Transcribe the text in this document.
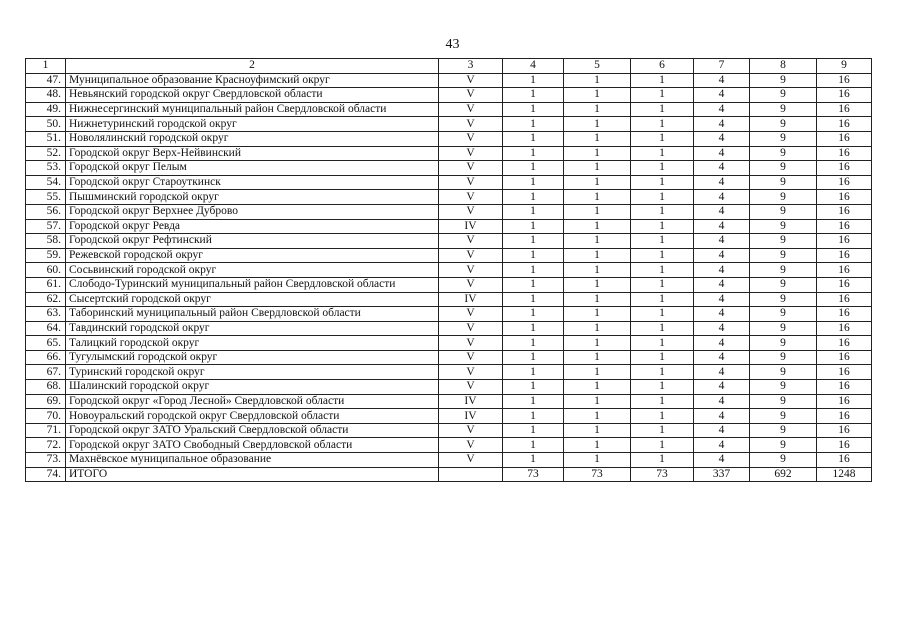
43
1	2	3	4	5	6	7	8	9
47.	Муниципальное образование Красноуфимский округ	V	1	1	1	4	9	16
48.	Невьянский городской округ Свердловской области	V	1	1	1	4	9	16
49.	Нижнесергинский муниципальный район Свердловской области	V	1	1	1	4	9	16
50.	Нижнетуринский городской округ	V	1	1	1	4	9	16
51.	Новолялинский городской округ	V	1	1	1	4	9	16
52.	Городской округ Верх-Нейвинский	V	1	1	1	4	9	16
53.	Городской округ Пелым	V	1	1	1	4	9	16
54.	Городской округ Староуткинск	V	1	1	1	4	9	16
55.	Пышминский городской округ	V	1	1	1	4	9	16
56.	Городской округ Верхнее Дуброво	V	1	1	1	4	9	16
57.	Городской округ Ревда	IV	1	1	1	4	9	16
58.	Городской округ Рефтинский	V	1	1	1	4	9	16
59.	Режевской городской округ	V	1	1	1	4	9	16
60.	Сосьвинский городской округ	V	1	1	1	4	9	16
61.	Слободо-Туринский муниципальный район Свердловской области	V	1	1	1	4	9	16
62.	Сысертский городской округ	IV	1	1	1	4	9	16
63.	Таборинский муниципальный район Свердловской области	V	1	1	1	4	9	16
64.	Тавдинский городской округ	V	1	1	1	4	9	16
65.	Талицкий городской округ	V	1	1	1	4	9	16
66.	Тугулымский городской округ	V	1	1	1	4	9	16
67.	Туринский городской округ	V	1	1	1	4	9	16
68.	Шалинский городской округ	V	1	1	1	4	9	16
69.	Городской округ «Город Лесной» Свердловской области	IV	1	1	1	4	9	16
70.	Новоуральский городской округ Свердловской области	IV	1	1	1	4	9	16
71.	Городской округ ЗАТО Уральский Свердловской области	V	1	1	1	4	9	16
72.	Городской округ ЗАТО Свободный Свердловской области	V	1	1	1	4	9	16
73.	Махнёвское муниципальное образование	V	1	1	1	4	9	16
74.	ИТОГО		73	73	73	337	692	1248
